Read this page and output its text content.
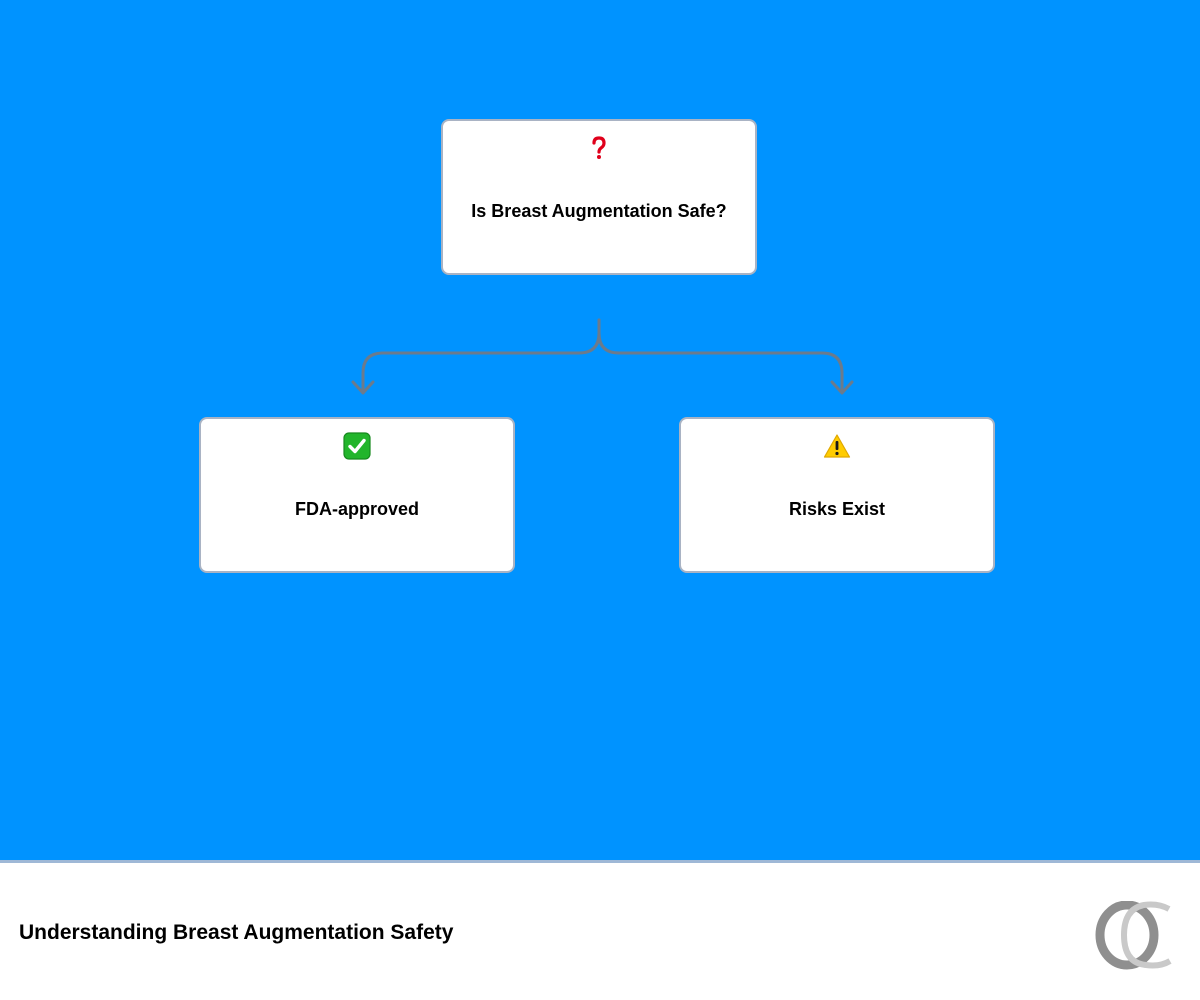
Is Breast Augmentation Safe?
FDA-approved	Risks Exist
Understanding Breast Augmentation Safety
